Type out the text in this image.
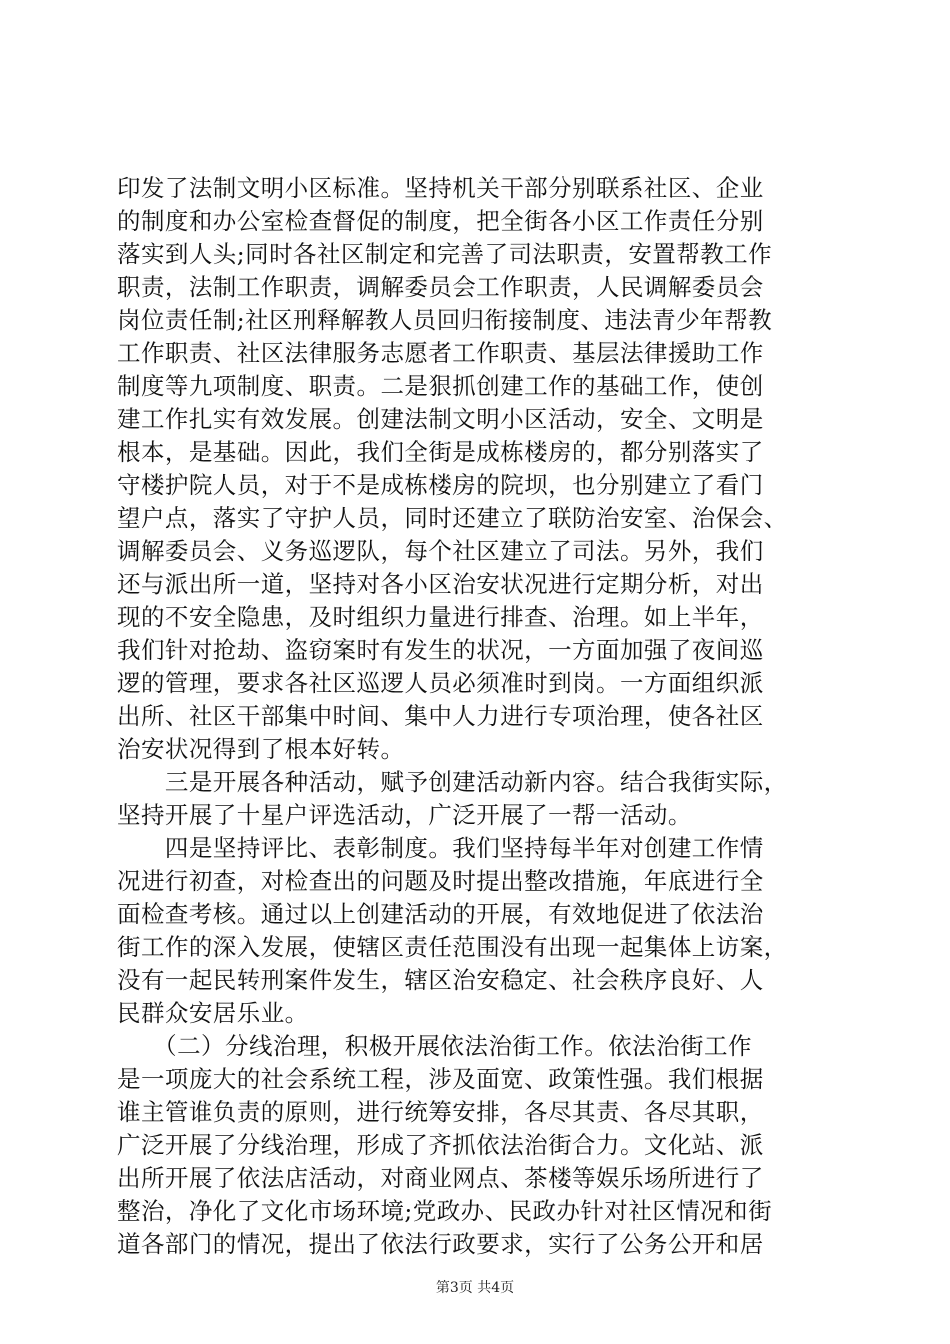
印发了法制文明小区标准。坚持机关干部分别联系社区、企业
的制度和办公室检查督促的制度，把全街各小区工作责任分别
落实到人头;同时各社区制定和完善了司法职责，安置帮教工作
职责，法制工作职责，调解委员会工作职责，人民调解委员会
岗位责任制;社区刑释解教人员回归衔接制度、违法青少年帮教
工作职责、社区法律服务志愿者工作职责、基层法律援助工作
制度等九项制度、职责。二是狠抓创建工作的基础工作，使创
建工作扎实有效发展。创建法制文明小区活动，安全、文明是
根本，是基础。因此，我们全街是成栋楼房的，都分别落实了
守楼护院人员，对于不是成栋楼房的院坝，也分别建立了看门
望户点，落实了守护人员，同时还建立了联防治安室、治保会、
调解委员会、义务巡逻队，每个社区建立了司法。另外，我们
还与派出所一道，坚持对各小区治安状况进行定期分析，对出
现的不安全隐患，及时组织力量进行排查、治理。如上半年，
我们针对抢劫、盗窃案时有发生的状况，一方面加强了夜间巡
逻的管理，要求各社区巡逻人员必须准时到岗。一方面组织派
出所、社区干部集中时间、集中人力进行专项治理，使各社区
治安状况得到了根本好转。
　　三是开展各种活动，赋予创建活动新内容。结合我街实际，
坚持开展了十星户评选活动，广泛开展了一帮一活动。
　　四是坚持评比、表彰制度。我们坚持每半年对创建工作情
况进行初查，对检查出的问题及时提出整改措施，年底进行全
面检查考核。通过以上创建活动的开展，有效地促进了依法治
街工作的深入发展，使辖区责任范围没有出现一起集体上访案，
没有一起民转刑案件发生，辖区治安稳定、社会秩序良好、人
民群众安居乐业。
　　（二）分线治理，积极开展依法治街工作。依法治街工作
是一项庞大的社会系统工程，涉及面宽、政策性强。我们根据
谁主管谁负责的原则，进行统筹安排，各尽其责、各尽其职，
广泛开展了分线治理，形成了齐抓依法治街合力。文化站、派
出所开展了依法店活动，对商业网点、茶楼等娱乐场所进行了
整治，净化了文化市场环境;党政办、民政办针对社区情况和街
道各部门的情况，提出了依法行政要求，实行了公务公开和居
第3页 共4页
